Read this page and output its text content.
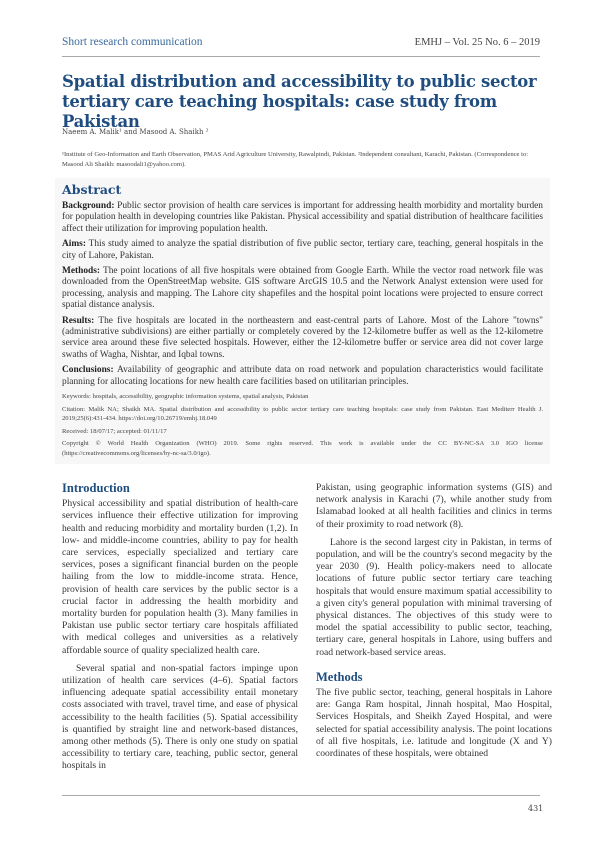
Short research communication	EMHJ – Vol. 25 No. 6 – 2019
Spatial distribution and accessibility to public sector tertiary care teaching hospitals: case study from Pakistan
Naeem A. Malik¹ and Masood A. Shaikh ²
¹Institute of Geo-Information and Earth Observation, PMAS Arid Agriculture University, Rawalpindi, Pakistan. ²Independent consultant, Karachi, Pakistan. (Correspondence to: Masood Ali Shaikh: masoodali1@yahoo.com).
Abstract

Background: Public sector provision of health care services is important for addressing health morbidity and mortality burden for population health in developing countries like Pakistan. Physical accessibility and spatial distribution of healthcare facilities affect their utilization for improving population health.

Aims: This study aimed to analyze the spatial distribution of five public sector, tertiary care, teaching, general hospitals in the city of Lahore, Pakistan.

Methods: The point locations of all five hospitals were obtained from Google Earth. While the vector road network file was downloaded from the OpenStreetMap website. GIS software ArcGIS 10.5 and the Network Analyst extension were used for processing, analysis and mapping. The Lahore city shapefiles and the hospital point locations were projected to ensure correct spatial distance analysis.

Results: The five hospitals are located in the northeastern and east-central parts of Lahore. Most of the Lahore "towns" (administrative subdivisions) are either partially or completely covered by the 12-kilometre buffer as well as the 12-kilometre service area around these five selected hospitals. However, either the 12-kilometre buffer or service area did not cover large swaths of Wagha, Nishtar, and Iqbal towns.

Conclusions: Availability of geographic and attribute data on road network and population characteristics would facilitate planning for allocating locations for new health care facilities based on utilitarian principles.

Keywords: hospitals, accessibility, geographic information systems, spatial analysis, Pakistan

Citation: Malik NA; Shaikh MA. Spatial distribution and accessibility to public sector tertiary care teaching hospitals: case study from Pakistan. East Mediterr Health J. 2019;25(6):431-434. https://doi.org/10.26719/emhj.18.049

Received: 18/07/17; accepted: 01/11/17

Copyright © World Health Organization (WHO) 2019. Some rights reserved. This work is available under the CC BY-NC-SA 3.0 IGO license (https://creativecommons.org/licenses/by-nc-sa/3.0/igo).

Introduction

Physical accessibility and spatial distribution of health-care services influence their effective utilization for improving health and reducing morbidity and mortality burden (1,2). In low- and middle-income countries, ability to pay for health care services, especially specialized and tertiary care services, poses a significant financial burden on the people hailing from the low to middle-income strata. Hence, provision of health care services by the public sector is a crucial factor in addressing the health morbidity and mortality burden for population health (3). Many families in Pakistan use public sector tertiary care hospitals affiliated with medical colleges and universities as a relatively affordable source of quality specialized health care.

Several spatial and non-spatial factors impinge upon utilization of health care services (4–6). Spatial factors influencing adequate spatial accessibility entail monetary costs associated with travel, travel time, and ease of physical accessibility to the health facilities (5). Spatial accessibility is quantified by straight line and network-based distances, among other methods (5). There is only one study on spatial accessibility to tertiary care, teaching, public sector, general hospitals in

Pakistan, using geographic information systems (GIS) and network analysis in Karachi (7), while another study from Islamabad looked at all health facilities and clinics in terms of their proximity to road network (8).

Lahore is the second largest city in Pakistan, in terms of population, and will be the country's second megacity by the year 2030 (9). Health policy-makers need to allocate locations of future public sector tertiary care teaching hospitals that would ensure maximum spatial accessibility to a given city's general population with minimal traversing of physical distances. The objectives of this study were to model the spatial accessibility to public sector, teaching, tertiary care, general hospitals in Lahore, using buffers and road network-based service areas.

Methods

The five public sector, teaching, general hospitals in Lahore are: Ganga Ram hospital, Jinnah hospital, Mao Hospital, Services Hospitals, and Sheikh Zayed Hospital, and were selected for spatial accessibility analysis. The point locations of all five hospitals, i.e. latitude and longitude (X and Y) coordinates of these hospitals, were obtained

431
